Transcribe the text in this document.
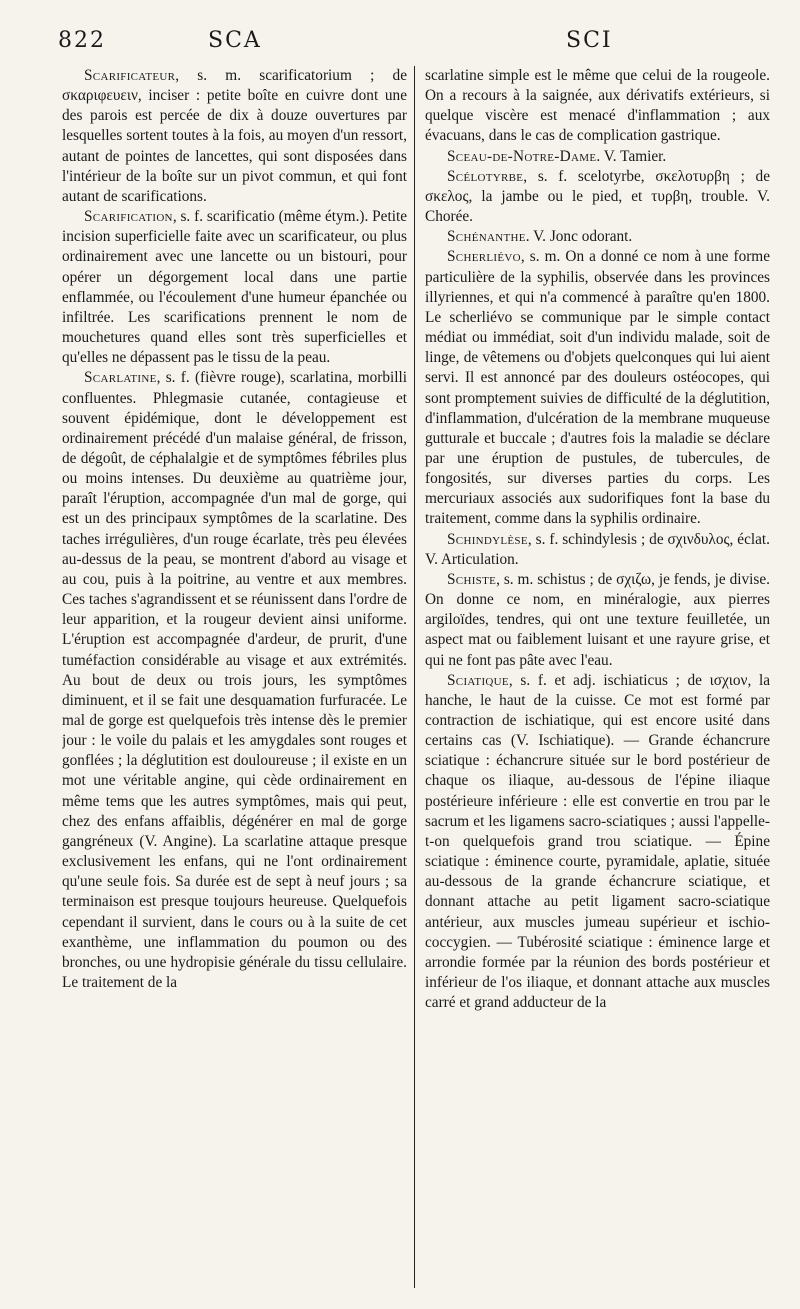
822	SCA	SCI

Scarificateur, s. m. scarificatorium ; de σκαριφευειν, inciser : petite boîte en cuivre dont une des parois est percée de dix à douze ouvertures par lesquelles sortent toutes à la fois, au moyen d'un ressort, autant de pointes de lancettes, qui sont disposées dans l'intérieur de la boîte sur un pivot commun, et qui font autant de scarifications.

Scarification, s. f. scarificatio (même étym.). Petite incision superficielle faite avec un scarificateur, ou plus ordinairement avec une lancette ou un bistouri, pour opérer un dégorgement local dans une partie enflammée, ou l'écoulement d'une humeur épanchée ou infiltrée. Les scarifications prennent le nom de mouchetures quand elles sont très superficielles et qu'elles ne dépassent pas le tissu de la peau.

Scarlatine, s. f. (fièvre rouge), scarlatina, morbilli confluentes. Phlegmasie cutanée, contagieuse et souvent épidémique, dont le développement est ordinairement précédé d'un malaise général, de frisson, de dégoût, de céphalalgie et de symptômes fébriles plus ou moins intenses. Du deuxième au quatrième jour, paraît l'éruption, accompagnée d'un mal de gorge, qui est un des principaux symptômes de la scarlatine. Des taches irrégulières, d'un rouge écarlate, très peu élevées au-dessus de la peau, se montrent d'abord au visage et au cou, puis à la poitrine, au ventre et aux membres. Ces taches s'agrandissent et se réunissent dans l'ordre de leur apparition, et la rougeur devient ainsi uniforme. L'éruption est accompagnée d'ardeur, de prurit, d'une tuméfaction considérable au visage et aux extrémités. Au bout de deux ou trois jours, les symptômes diminuent, et il se fait une desquamation furfuracée. Le mal de gorge est quelquefois très intense dès le premier jour : le voile du palais et les amygdales sont rouges et gonflées ; la déglutition est douloureuse ; il existe en un mot une véritable angine, qui cède ordinairement en même tems que les autres symptômes, mais qui peut, chez des enfans affaiblis, dégénérer en mal de gorge gangréneux (V. Angine). La scarlatine attaque presque exclusivement les enfans, qui ne l'ont ordinairement qu'une seule fois. Sa durée est de sept à neuf jours ; sa terminaison est presque toujours heureuse. Quelquefois cependant il survient, dans le cours ou à la suite de cet exanthème, une inflammation du poumon ou des bronches, ou une hydropisie générale du tissu cellulaire. Le traitement de la

scarlatine simple est le même que celui de la rougeole. On a recours à la saignée, aux dérivatifs extérieurs, si quelque viscère est menacé d'inflammation ; aux évacuans, dans le cas de complication gastrique.

Sceau-de-Notre-Dame. V. Tamier.

Scélotyrbe, s. f. scelotyrbe, σκελοτυρβη ; de σκελος, la jambe ou le pied, et τυρβη, trouble. V. Chorée.

Schénanthe. V. Jonc odorant.

Scherliévo, s. m. On a donné ce nom à une forme particulière de la syphilis, observée dans les provinces illyriennes, et qui n'a commencé à paraître qu'en 1800. Le scherliévo se communique par le simple contact médiat ou immédiat, soit d'un individu malade, soit de linge, de vêtemens ou d'objets quelconques qui lui aient servi. Il est annoncé par des douleurs ostéocopes, qui sont promptement suivies de difficulté de la déglutition, d'inflammation, d'ulcération de la membrane muqueuse gutturale et buccale ; d'autres fois la maladie se déclare par une éruption de pustules, de tubercules, de fongosités, sur diverses parties du corps. Les mercuriaux associés aux sudorifiques font la base du traitement, comme dans la syphilis ordinaire.

Schindylèse, s. f. schindylesis ; de σχινδυλος, éclat. V. Articulation.

Schiste, s. m. schistus ; de σχιζω, je fends, je divise. On donne ce nom, en minéralogie, aux pierres argiloïdes, tendres, qui ont une texture feuilletée, un aspect mat ou faiblement luisant et une rayure grise, et qui ne font pas pâte avec l'eau.

Sciatique, s. f. et adj. ischiaticus ; de ισχιον, la hanche, le haut de la cuisse. Ce mot est formé par contraction de ischiatique, qui est encore usité dans certains cas (V. Ischiatique). — Grande échancrure sciatique : échancrure située sur le bord postérieur de chaque os iliaque, au-dessous de l'épine iliaque postérieure inférieure : elle est convertie en trou par le sacrum et les ligamens sacro-sciatiques ; aussi l'appelle-t-on quelquefois grand trou sciatique. — Épine sciatique : éminence courte, pyramidale, aplatie, située au-dessous de la grande échancrure sciatique, et donnant attache au petit ligament sacro-sciatique antérieur, aux muscles jumeau supérieur et ischio-coccygien. — Tubérosité sciatique : éminence large et arrondie formée par la réunion des bords postérieur et inférieur de l'os iliaque, et donnant attache aux muscles carré et grand adducteur de la
